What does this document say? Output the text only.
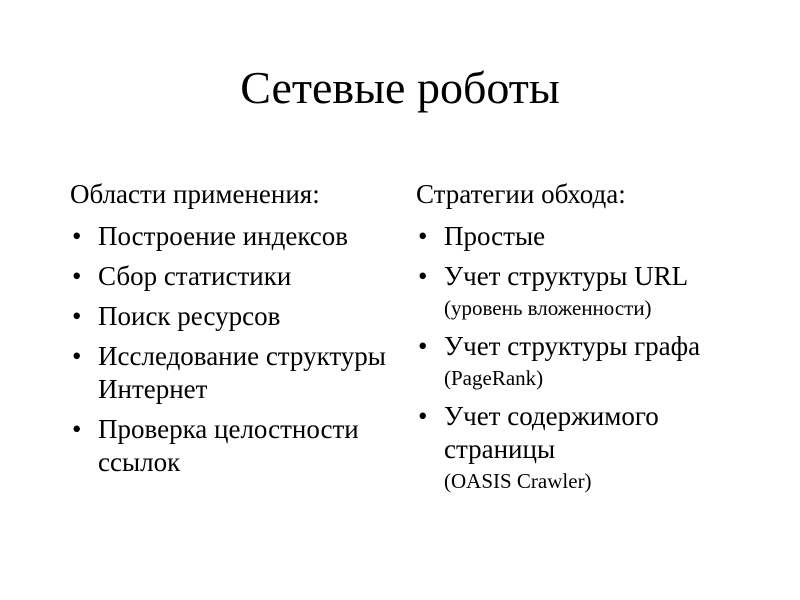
Сетевые роботы
Области применения:
• Построение индексов
• Сбор статистики
• Поиск ресурсов
• Исследование структуры Интернет
• Проверка целостности ссылок
Стратегии обхода:
• Простые
• Учет структуры URL
(уровень вложенности)
• Учет структуры графа
(PageRank)
• Учет содержимого страницы
(OASIS Crawler)
